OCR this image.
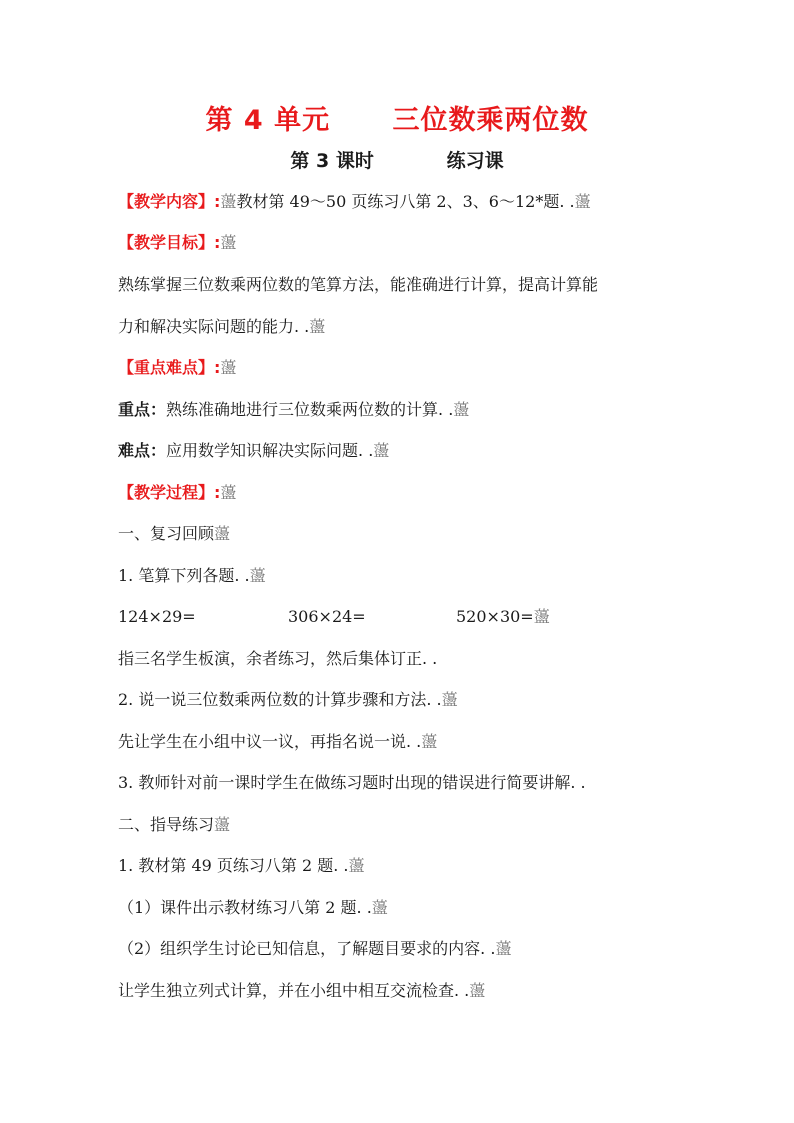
第 4 单元      三位数乘两位数
第 3 课时           练习课
【教学内容】:蘯教材第 49～50 页练习八第 2、3、6～12*题. .蘯
【教学目标】:蘯
熟练掌握三位数乘两位数的笔算方法，能准确进行计算，提高计算能
力和解决实际问题的能力. .蘯
【重点难点】:蘯
重点：熟练准确地进行三位数乘两位数的计算. .蘯
难点：应用数学知识解决实际问题. .蘯
【教学过程】:蘯
一、复习回顾蘯
1. 笔算下列各题. .蘯
124×29=	306×24=	520×30=蘯
指三名学生板演，余者练习，然后集体订正. .
2. 说一说三位数乘两位数的计算步骤和方法. .蘯
先让学生在小组中议一议，再指名说一说. .蘯
3. 教师针对前一课时学生在做练习题时出现的错误进行简要讲解. .
二、指导练习蘯
1. 教材第 49 页练习八第 2 题. .蘯
（1）课件出示教材练习八第 2 题. .蘯
（2）组织学生讨论已知信息，了解题目要求的内容. .蘯
让学生独立列式计算，并在小组中相互交流检查. .蘯
